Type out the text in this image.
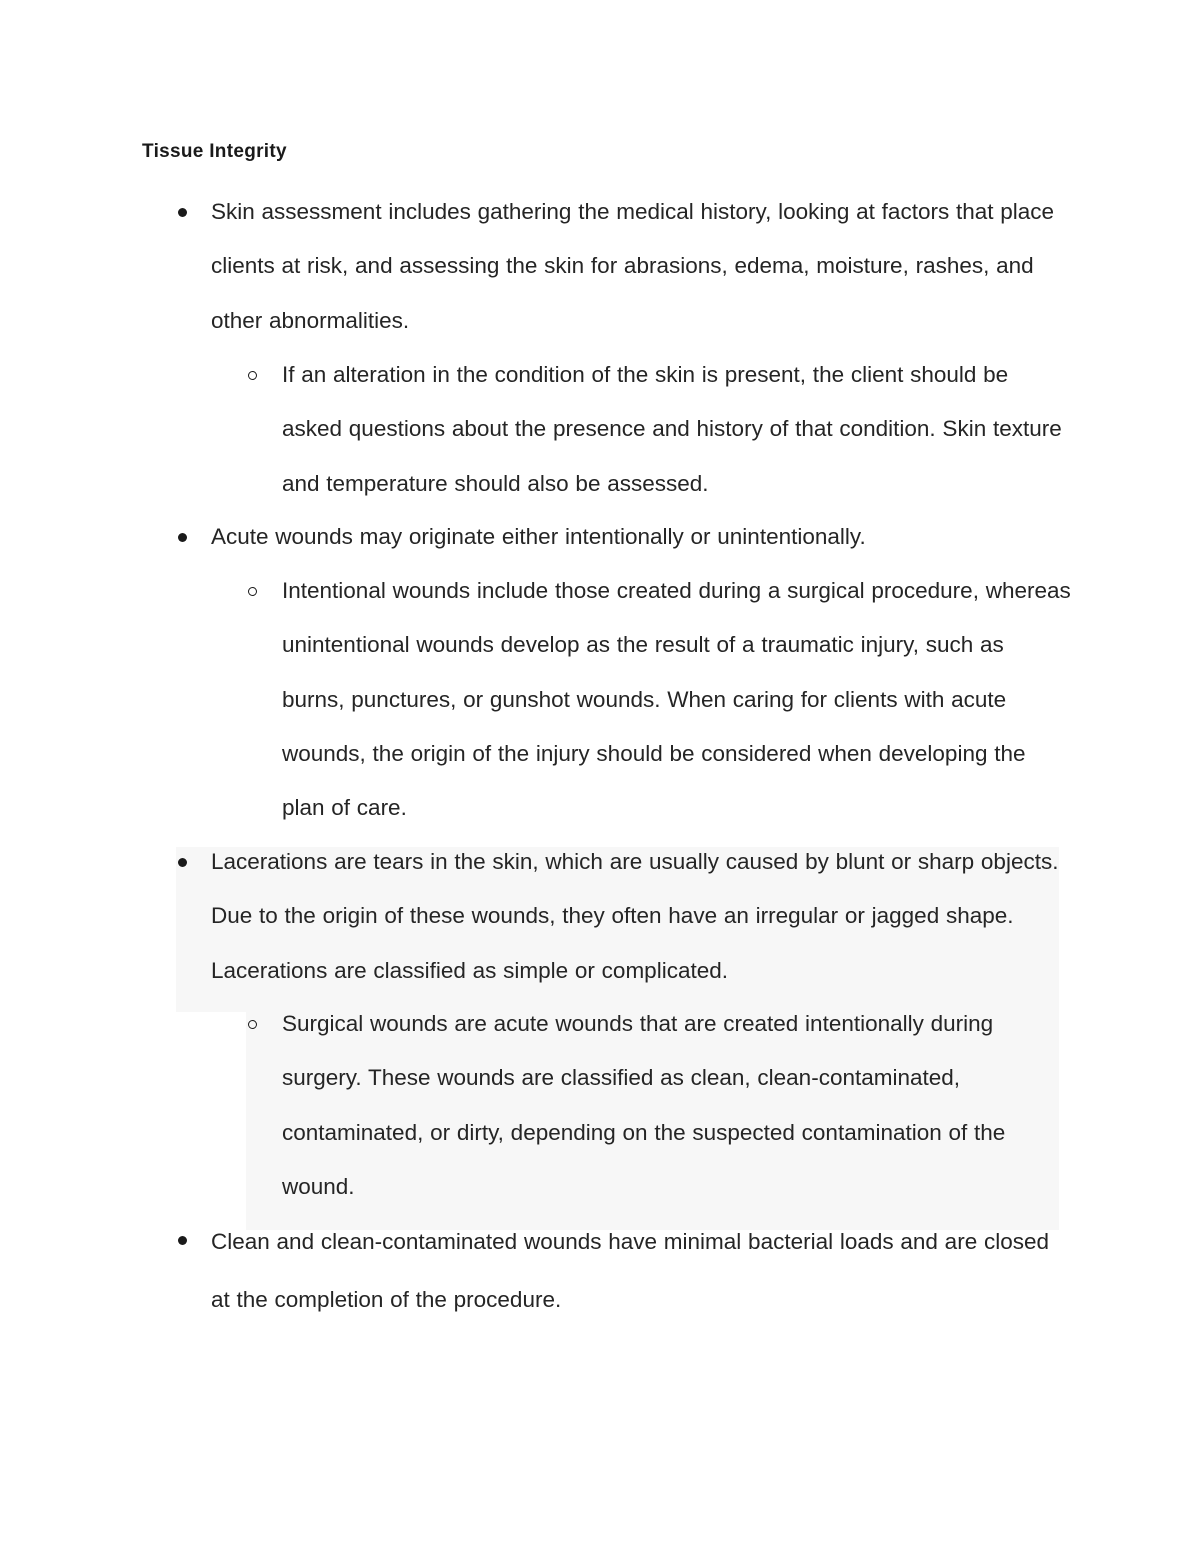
Tissue Integrity
Skin assessment includes gathering the medical history, looking at factors that place clients at risk, and assessing the skin for abrasions, edema, moisture, rashes, and other abnormalities.
If an alteration in the condition of the skin is present, the client should be asked questions about the presence and history of that condition. Skin texture and temperature should also be assessed.
Acute wounds may originate either intentionally or unintentionally.
Intentional wounds include those created during a surgical procedure, whereas unintentional wounds develop as the result of a traumatic injury, such as burns, punctures, or gunshot wounds. When caring for clients with acute wounds, the origin of the injury should be considered when developing the plan of care.
Lacerations are tears in the skin, which are usually caused by blunt or sharp objects. Due to the origin of these wounds, they often have an irregular or jagged shape. Lacerations are classified as simple or complicated.
Surgical wounds are acute wounds that are created intentionally during surgery. These wounds are classified as clean, clean-contaminated, contaminated, or dirty, depending on the suspected contamination of the wound.
Clean and clean-contaminated wounds have minimal bacterial loads and are closed at the completion of the procedure.
